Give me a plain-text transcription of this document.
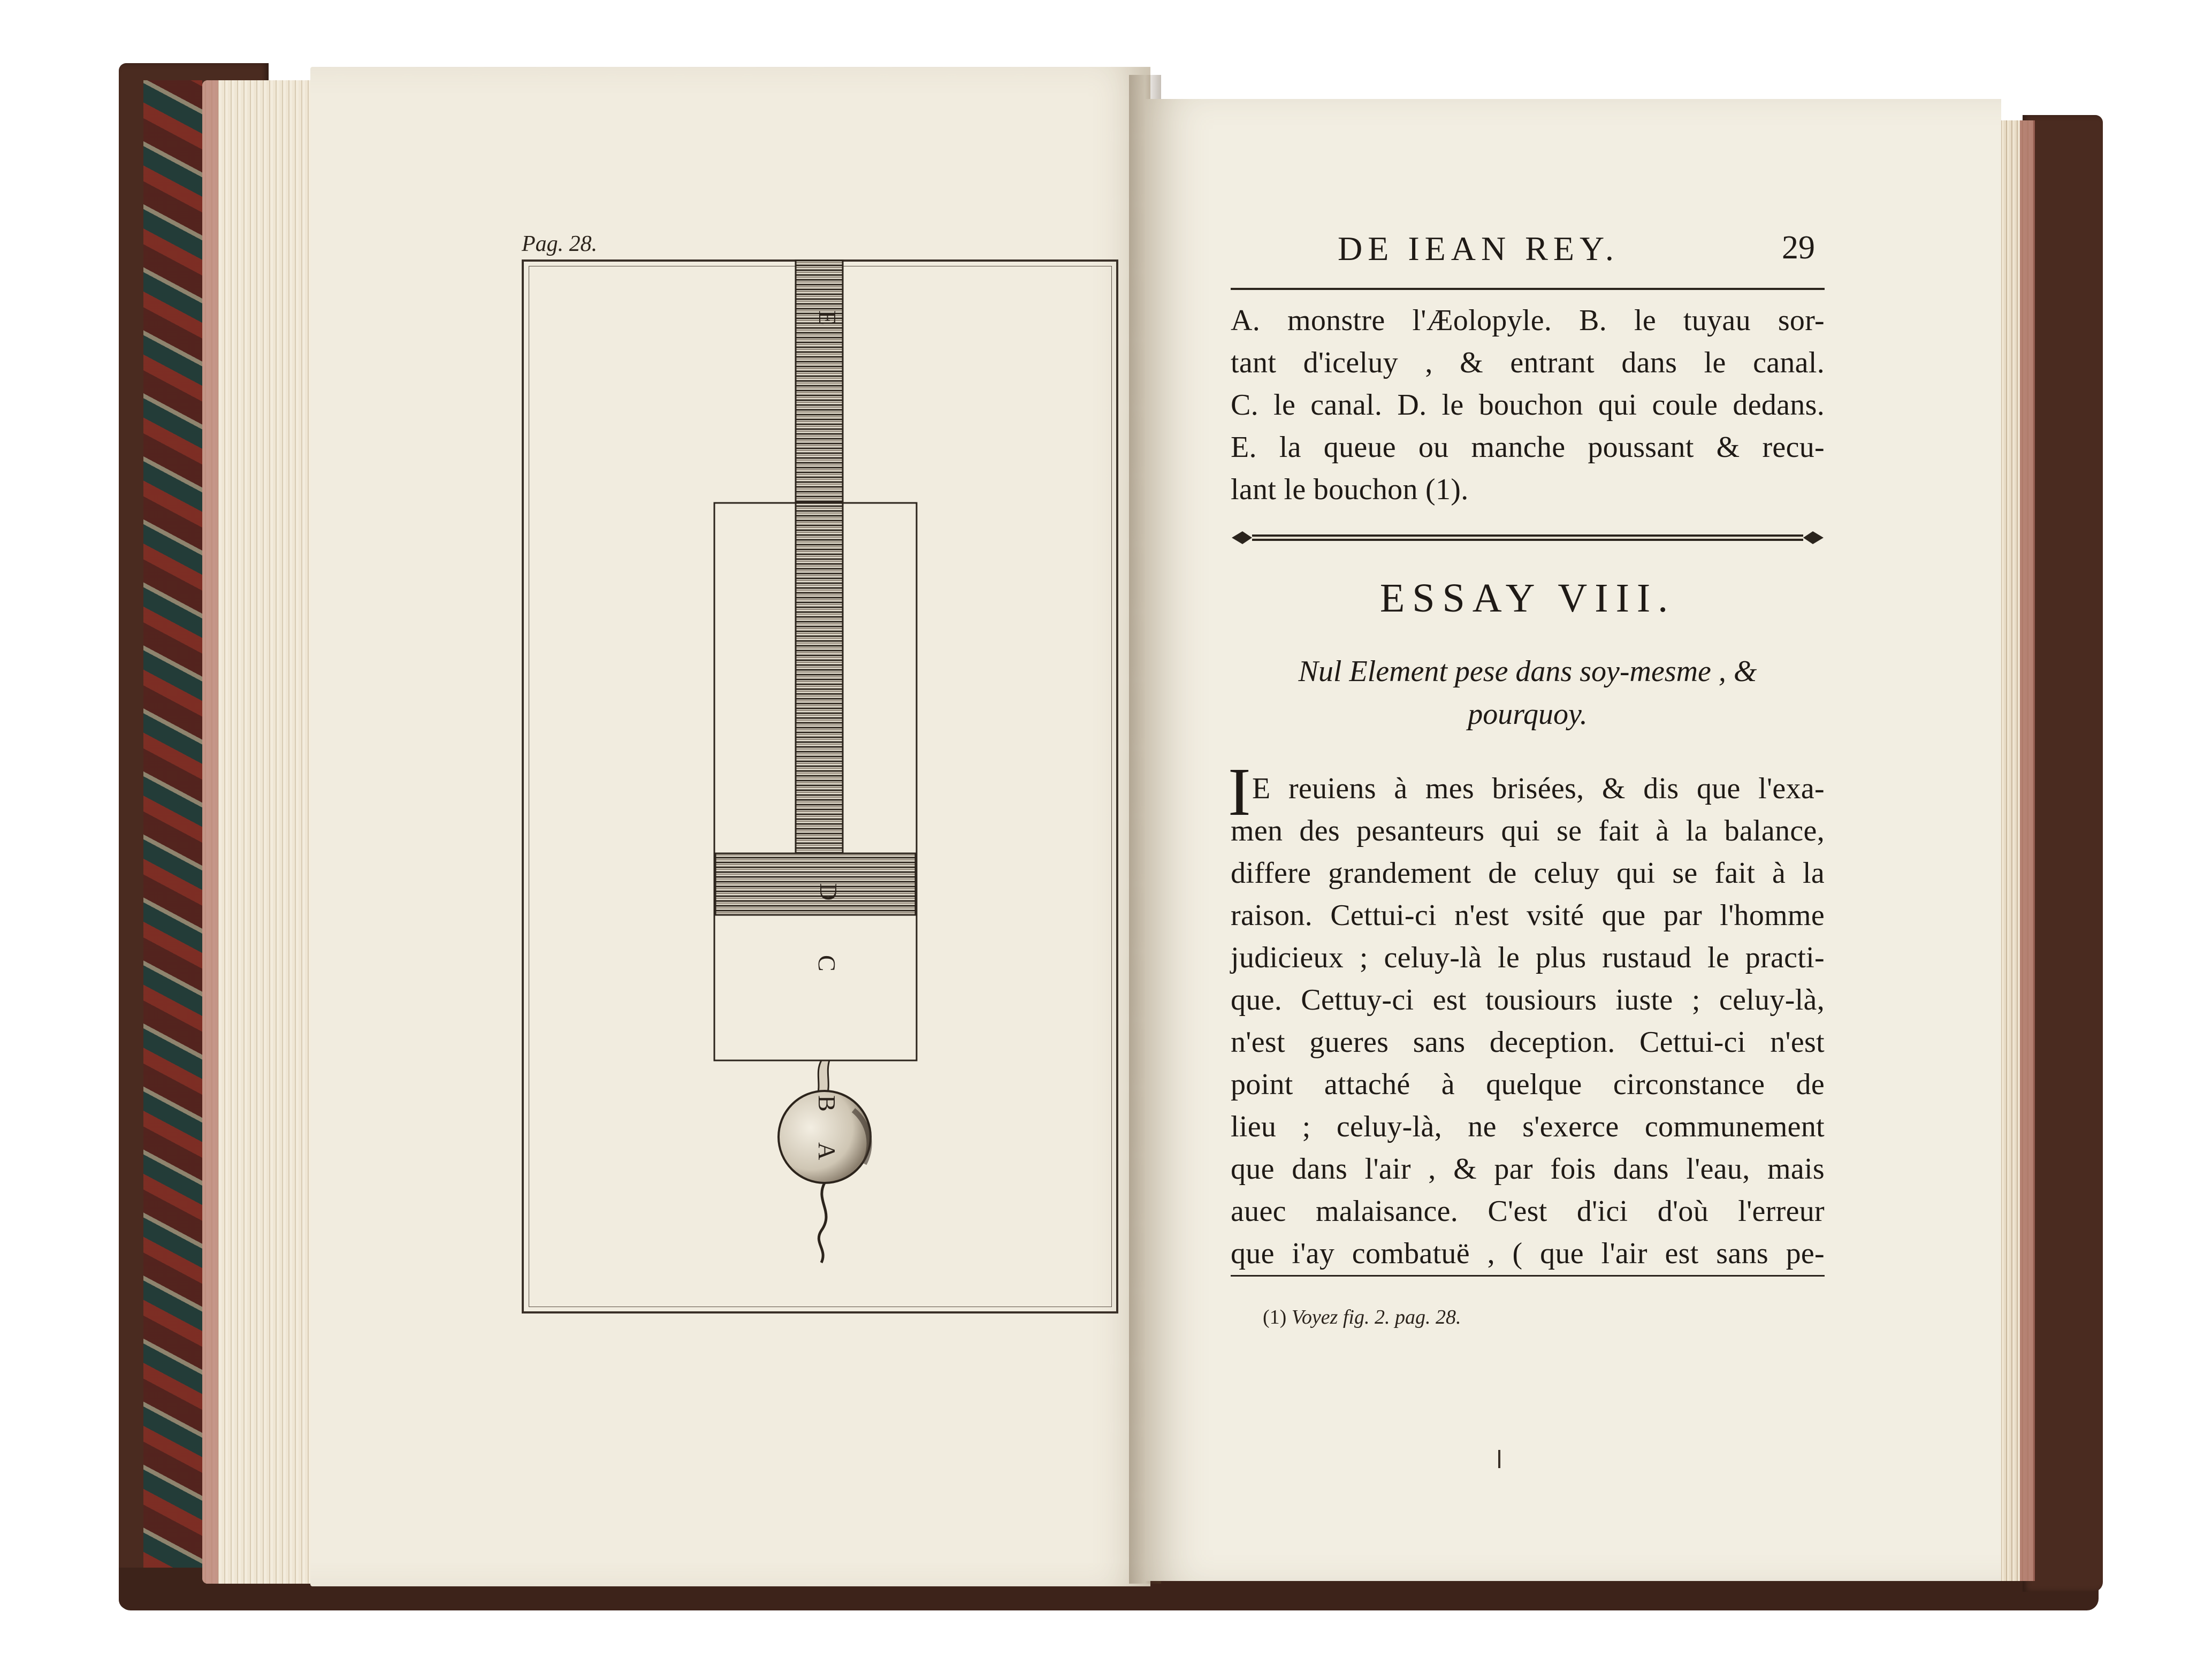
Pag. 28.
E
D
C
B
A
DE IEAN REY.	29
A. monstre l'Æolopyle. B. le tuyau sor-
tant d'iceluy , & entrant dans le canal.
C. le canal. D. le bouchon qui coule dedans.
E. la queue ou manche poussant & recu-
lant le bouchon (1).
ESSAY VIII.
Nul Element pese dans soy-mesme , &
pourquoy.
I E reuiens à mes brisées, & dis que l'exa-
men des pesanteurs qui se fait à la balance,
differe grandement de celuy qui se fait à la
raison. Cettui-ci n'est vsité que par l'homme
judicieux ; celuy-là le plus rustaud le practi-
que. Cettuy-ci est tousiours iuste ; celuy-là,
n'est gueres sans deception. Cettui-ci n'est
point attaché à quelque circonstance de
lieu ; celuy-là, ne s'exerce communement
que dans l'air , & par fois dans l'eau, mais
auec malaisance. C'est d'ici d'où l'erreur
que i'ay combatuë , ( que l'air est sans pe-
(1) Voyez fig. 2. pag. 28.
